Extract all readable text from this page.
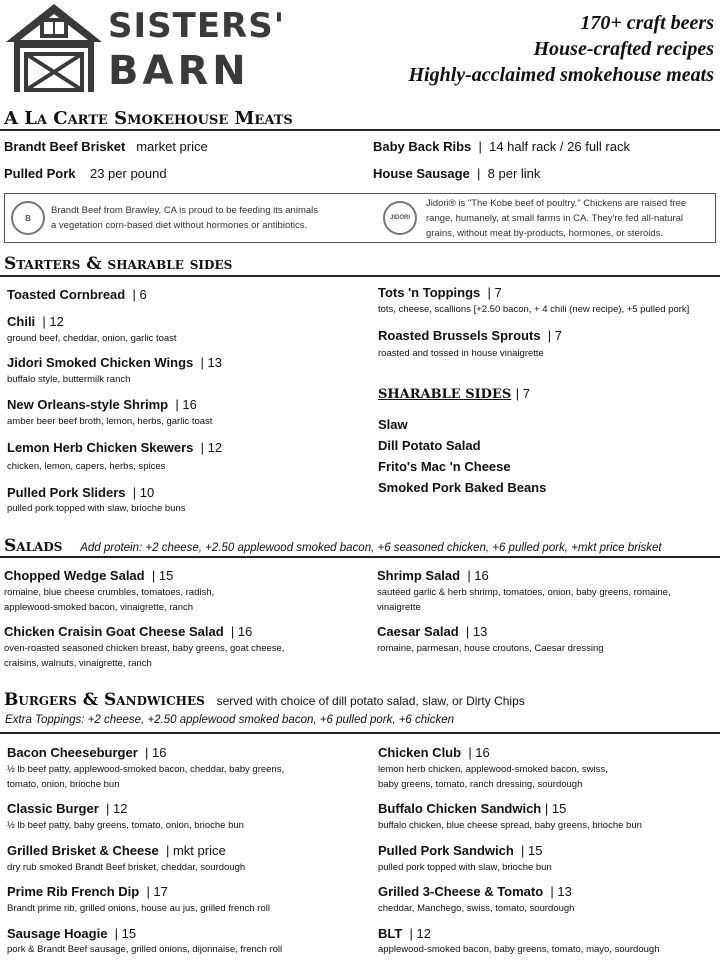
SISTERS'
BARN
170+ craft beers
House-crafted recipes
Highly-acclaimed smokehouse meats
A La Carte Smokehouse Meats
Brandt Beef Brisket market price	Baby Back Ribs  |  14 half rack / 26 full rack
Pulled Pork 23 per pound	House Sausage  |  8 per link
B
Brandt Beef from Brawley, CA is proud to be feeding its animals
a vegetation corn-based diet without hormones or antibiotics.
JIDORI
Jidori® is "The Kobe beef of poultry." Chickens are raised free
range, humanely, at small farms in CA. They're fed all-natural
grains, without meat by-products, hormones, or steroids.
Starters & sharable sides
Toasted Cornbread | 6
Chili | 12
ground beef, cheddar, onion, garlic toast
Jidori Smoked Chicken Wings | 13
buffalo style, buttermilk ranch
New Orleans-style Shrimp | 16
amber beer beef broth, lemon, herbs, garlic toast
Lemon Herb Chicken Skewers | 12
chicken, lemon, capers, herbs, spices
Pulled Pork Sliders | 10
pulled pork topped with slaw, brioche buns
Tots 'n Toppings | 7
tots, cheese, scallions [+2.50 bacon, + 4 chili (new recipe), +5 pulled pork]
Roasted Brussels Sprouts | 7
roasted and tossed in house vinaigrette
SHARABLE SIDES | 7
Slaw
Dill Potato Salad
Frito's Mac 'n Cheese
Smoked Pork Baked Beans
Salads Add protein: +2 cheese, +2.50 applewood smoked bacon, +6 seasoned chicken, +6 pulled pork, +mkt price brisket
Chopped Wedge Salad | 15
romaine, blue cheese crumbles, tomatoes, radish,
applewood-smoked bacon, vinaigrette, ranch
Chicken Craisin Goat Cheese Salad | 16
oven-roasted seasoned chicken breast, baby greens, goat cheese,
craisins, walnuts, vinaigrette, ranch
Shrimp Salad | 16
sautéed garlic & herb shrimp, tomatoes, onion, baby greens, romaine,
vinaigrette
Caesar Salad | 13
romaine, parmesan, house croutons, Caesar dressing
Burgers & Sandwiches served with choice of dill potato salad, slaw, or Dirty Chips
Extra Toppings: +2 cheese, +2.50 applewood smoked bacon, +6 pulled pork, +6 chicken
Bacon Cheeseburger | 16
½ lb beef patty, applewood-smoked bacon, cheddar, baby greens,
tomato, onion, brioche bun
Classic Burger | 12
½ lb beef patty, baby greens, tomato, onion, brioche bun
Grilled Brisket & Cheese | mkt price
dry rub smoked Brandt Beef brisket, cheddar, sourdough
Prime Rib French Dip | 17
Brandt prime rib, grilled onions, house au jus, grilled french roll
Sausage Hoagie | 15
pork & Brandt Beef sausage, grilled onions, dijonnaise, french roll
Chicken Club | 16
lemon herb chicken, applewood-smoked bacon, swiss,
baby greens, tomato, ranch dressing, sourdough
Buffalo Chicken Sandwich | 15
buffalo chicken, blue cheese spread, baby greens, brioche bun
Pulled Pork Sandwich | 15
pulled pork topped with slaw, brioche bun
Grilled 3-Cheese & Tomato | 13
cheddar, Manchego, swiss, tomato, sourdough
BLT | 12
applewood-smoked bacon, baby greens, tomato, mayo, sourdough
